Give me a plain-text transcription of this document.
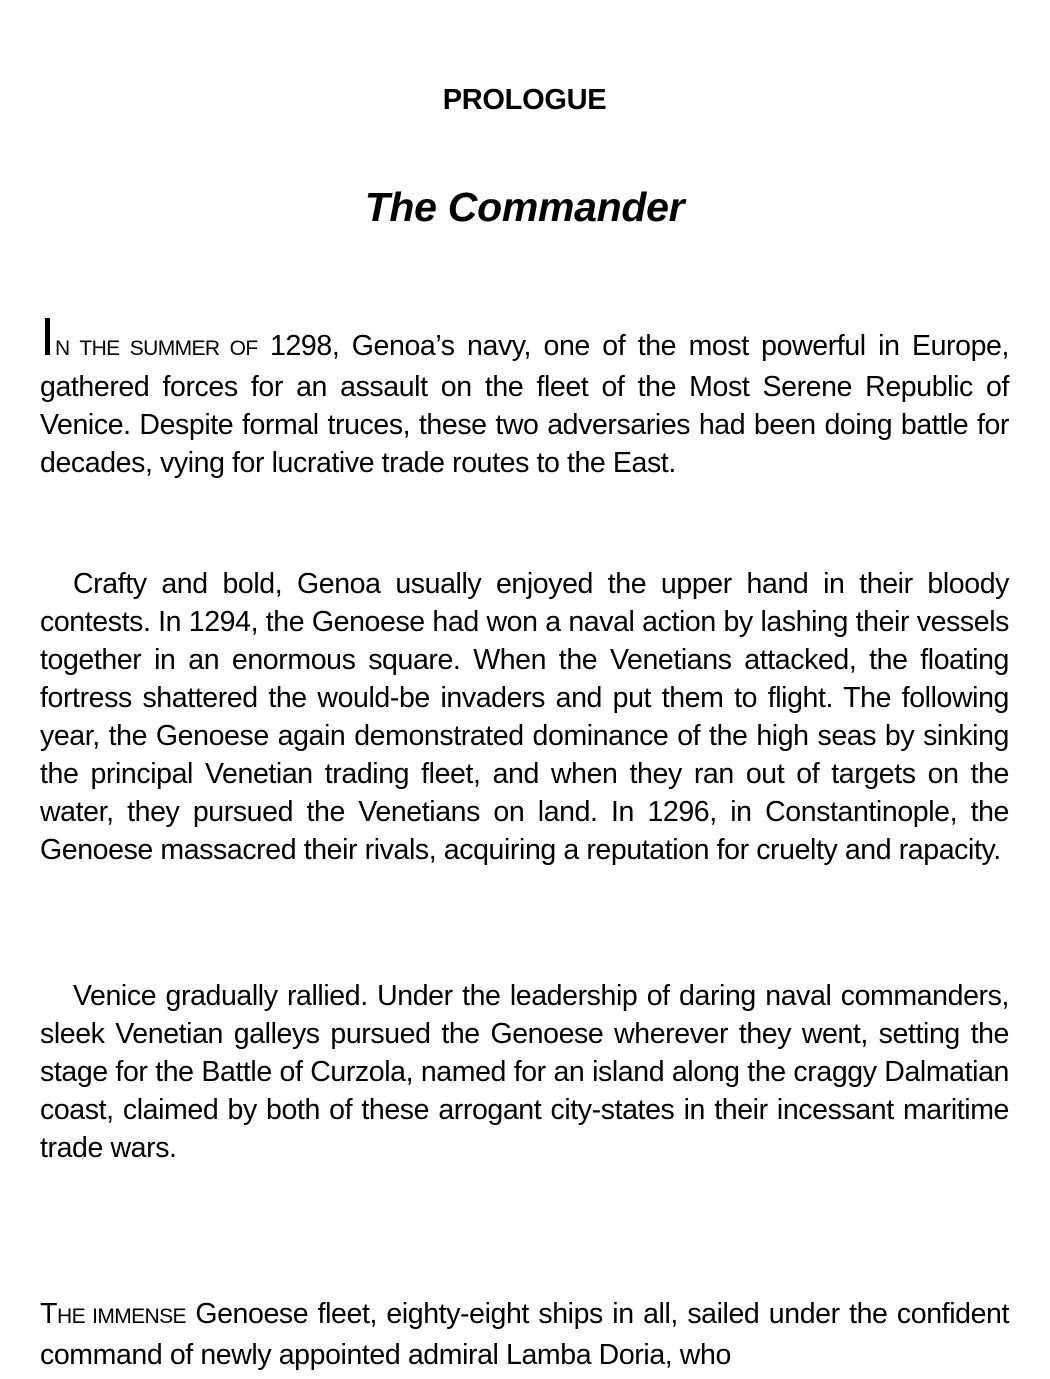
PROLOGUE
The Commander

IN THE SUMMER OF 1298, Genoa’s navy, one of the most powerful in Europe, gathered forces for an assault on the fleet of the Most Serene Republic of Venice. Despite formal truces, these two adversaries had been doing battle for decades, vying for lucrative trade routes to the East.

Crafty and bold, Genoa usually enjoyed the upper hand in their bloody contests. In 1294, the Genoese had won a naval action by lashing their vessels together in an enormous square. When the Venetians attacked, the floating fortress shattered the would-be invaders and put them to flight. The following year, the Genoese again demonstrated dominance of the high seas by sinking the principal Venetian trading fleet, and when they ran out of targets on the water, they pursued the Venetians on land. In 1296, in Constantinople, the Genoese massacred their rivals, acquiring a reputation for cruelty and rapacity.

Venice gradually rallied. Under the leadership of daring naval commanders, sleek Venetian galleys pursued the Genoese wherever they went, setting the stage for the Battle of Curzola, named for an island along the craggy Dalmatian coast, claimed by both of these arrogant city-states in their incessant maritime trade wars.

THE IMMENSE Genoese fleet, eighty-eight ships in all, sailed under the confident command of newly appointed admiral Lamba Doria, who
